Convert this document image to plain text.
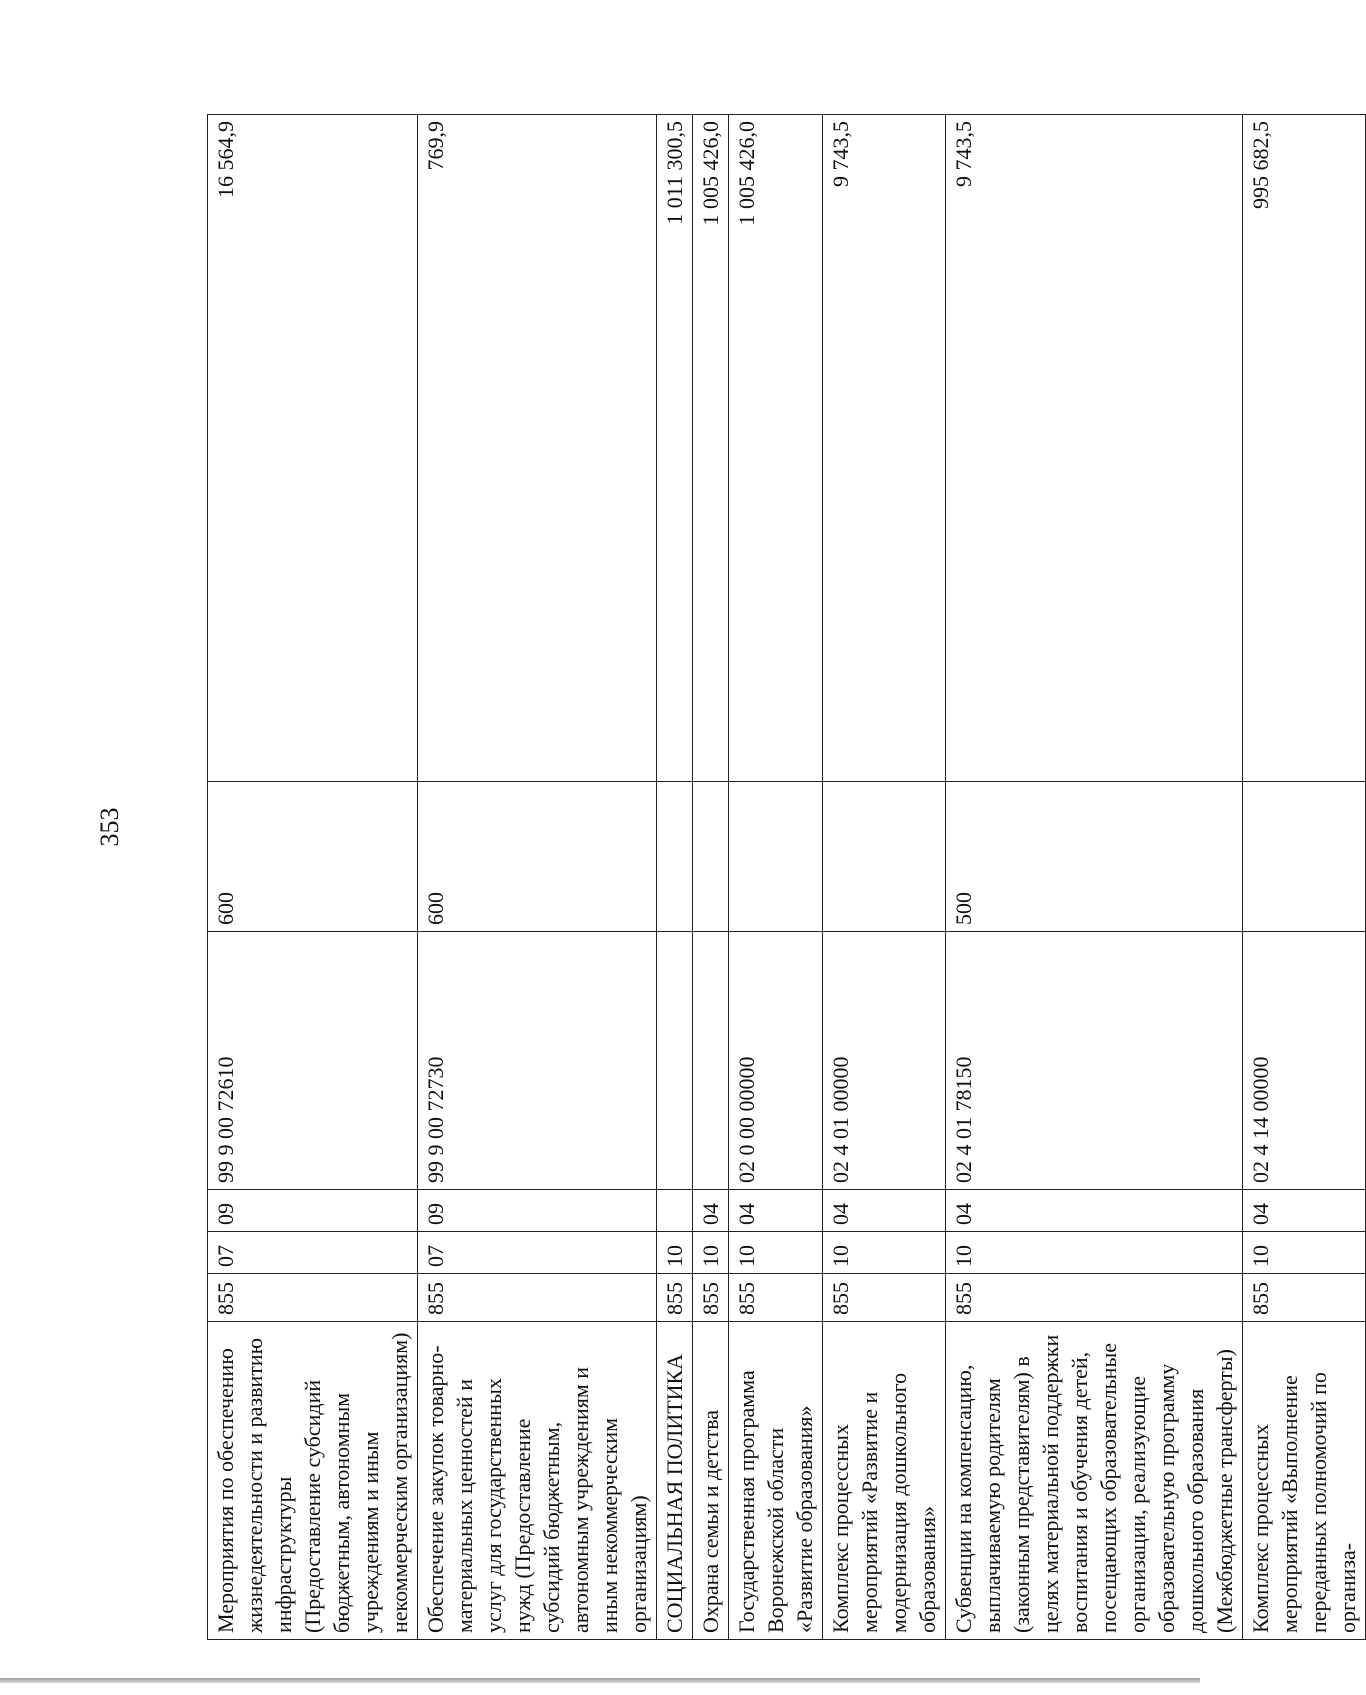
353
Мероприятия по обеспечению жизнедеятельности и развитию инфраструктуры (Предоставление субсидий бюджетным, автономным учреждениям и иным некоммерческим организациям)	855	07	09	99 9 00 72610	600	16 564,9
Обеспечение закупок товарно-материальных ценностей и услуг для государственных нужд (Предоставление субсидий бюджетным, автономным учреждениям и иным некоммерческим организациям)	855	07	09	99 9 00 72730	600	769,9
СОЦИАЛЬНАЯ ПОЛИТИКА	855	10				1 011 300,5
Охрана семьи и детства	855	10	04			1 005 426,0
Государственная программа Воронежской области «Развитие образования»	855	10	04	02 0 00 00000		1 005 426,0
Комплекс процессных мероприятий «Развитие и модернизация дошкольного образования»	855	10	04	02 4 01 00000		9 743,5
Субвенции на компенсацию, выплачиваемую родителям (законным представителям) в целях материальной поддержки воспитания и обучения детей, посещающих образовательные организации, реализующие образовательную программу дошкольного образования (Межбюджетные трансферты)	855	10	04	02 4 01 78150	500	9 743,5
Комплекс процессных мероприятий «Выполнение переданных полномочий по организа-	855	10	04	02 4 14 00000		995 682,5
